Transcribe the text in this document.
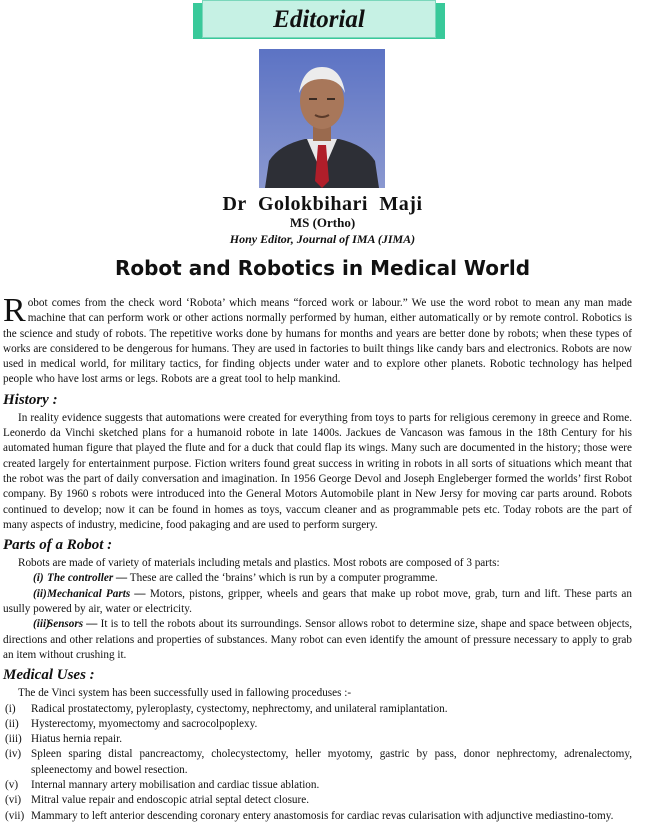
Editorial
Dr Golokbihari Maji
MS (Ortho)
Hony Editor, Journal of IMA (JIMA)
Robot and Robotics in Medical World

Robot comes from the check word ‘Robota’ which means “forced work or labour.” We use the word robot to mean any man made machine that can perform work or other actions normally performed by human, either automatically or by remote control. Robotics is the science and study of robots. The repetitive works done by humans for months and years are better done by robots; when these types of works are considered to be dengerous for humans. They are used in factories to built things like candy bars and electronics. Robots are now used in medical world, for military tactics, for finding objects under water and to explore other planets. Robotic technology has helped people who have lost arms or legs. Robots are a great tool to help mankind.

History :

In reality evidence suggests that automations were created for everything from toys to parts for religious ceremony in greece and Rome. Leonerdo da Vinchi sketched plans for a humanoid robote in late 1400s. Jackues de Vancason was famous in the 18th Century for his automated human figure that played the flute and for a duck that could flap its wings. Many such are documented in the history; those were created largely for entertainment purpose. Fiction writers found great success in writing in robots in all sorts of situations which meant that the robot was the part of daily conversation and imagination. In 1956 George Devol and Joseph Engleberger formed the worlds’ first Robot company. By 1960 s robots were introduced into the General Motors Automobile plant in New Jersy for moving car parts around. Robots continued to develop; now it can be found in homes as toys, vaccum cleaner and as programmable pets etc. Today robots are the part of many aspects of industry, medicine, food pakaging and are used to perform surgery.

Parts of a Robot :

Robots are made of variety of materials including metals and plastics. Most robots are composed of 3 parts:

(i) The controller — These are called the ‘brains’ which is run by a computer programme.

(ii)Mechanical Parts — Motors, pistons, gripper, wheels and gears that make up robot move, grab, turn and lift. These parts an usully powered by air, water or electricity.

(iii)Sensors — It is to tell the robots about its surroundings. Sensor allows robot to determine size, shape and space between objects, directions and other relations and properties of substances. Many robot can even identify the amount of pressure necessary to apply to grab an item without crushing it.

Medical Uses :

The de Vinci system has been successfully used in fallowing proceduses :-

(i)	Radical prostatectomy, pyleroplasty, cystectomy, nephrectomy, and unilateral ramiplantation.
(ii)	Hysterectomy, myomectomy and sacrocolpoplexy.
(iii) Hiatus hernia repair.
(iv) Spleen sparing distal pancreactomy, cholecystectomy, heller myotomy, gastric by pass, donor nephrectomy, adrenalectomy, spleenectomy and bowel resection.
(v)	Internal mannary artery mobilisation and cardiac tissue ablation.
(vi) Mitral value repair and endoscopic atrial septal detect closure.
(vii) Mammary to left anterior descending coronary entery anastomosis for cardiac revas cularisation with adjunctive mediastino-tomy.
